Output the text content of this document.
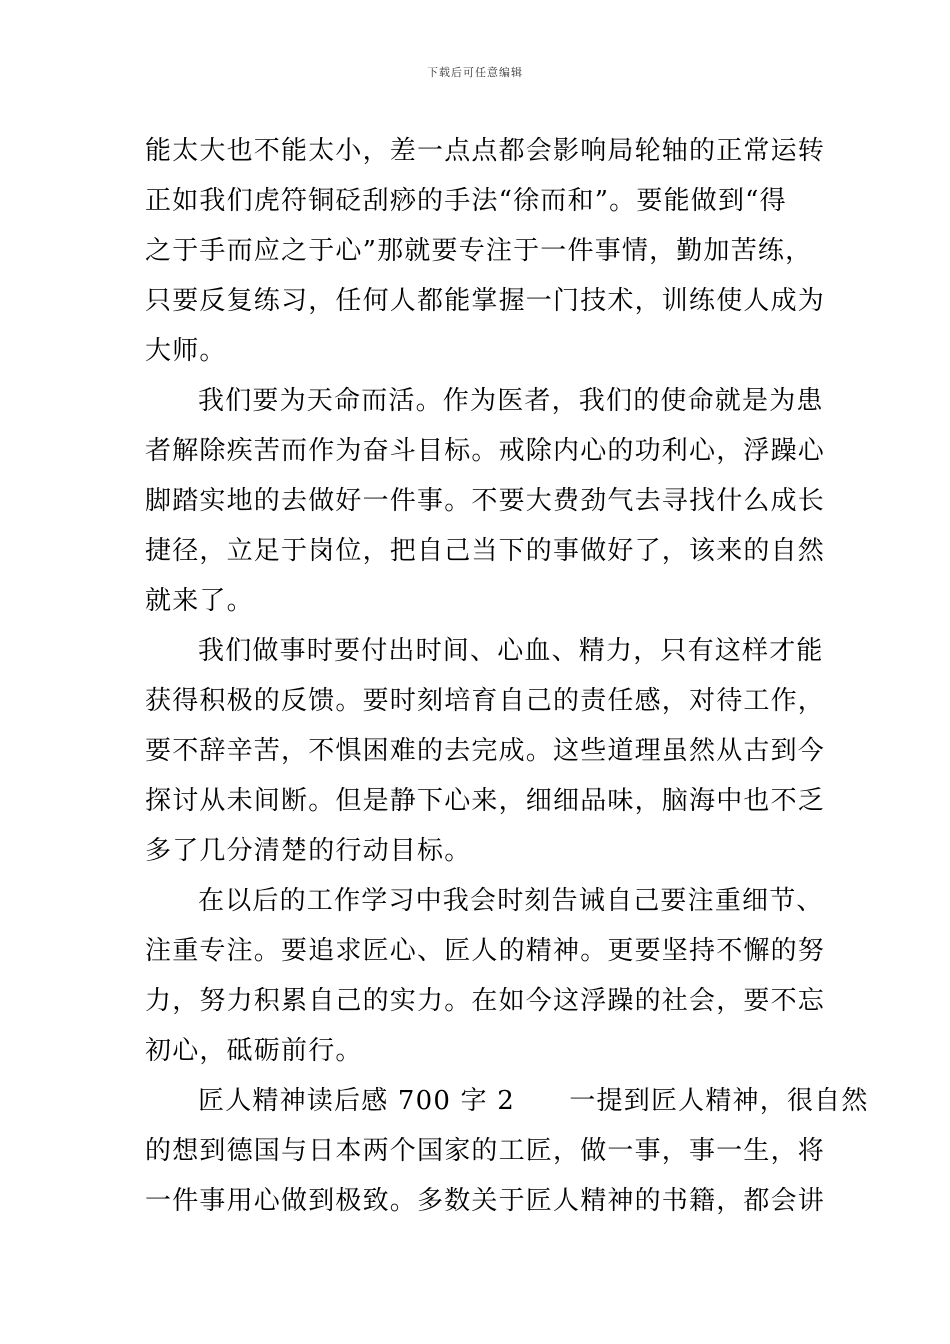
下载后可任意编辑
能太大也不能太小，差一点点都会影响局轮轴的正常运转
正如我们虎符铜砭刮痧的手法“徐而和”。要能做到“得
之于手而应之于心”那就要专注于一件事情，勤加苦练，
只要反复练习，任何人都能掌握一门技术，训练使人成为
大师。
我们要为天命而活。作为医者，我们的使命就是为患
者解除疾苦而作为奋斗目标。戒除内心的功利心，浮躁心
脚踏实地的去做好一件事。不要大费劲气去寻找什么成长
捷径，立足于岗位，把自己当下的事做好了，该来的自然
就来了。
我们做事时要付出时间、心血、精力，只有这样才能
获得积极的反馈。要时刻培育自己的责任感，对待工作，
要不辞辛苦，不惧困难的去完成。这些道理虽然从古到今
探讨从未间断。但是静下心来，细细品味，脑海中也不乏
多了几分清楚的行动目标。
在以后的工作学习中我会时刻告诫自己要注重细节、
注重专注。要追求匠心、匠人的精神。更要坚持不懈的努
力，努力积累自己的实力。在如今这浮躁的社会，要不忘
初心，砥砺前行。
匠人精神读后感 700 字 2　　一提到匠人精神，很自然
的想到德国与日本两个国家的工匠，做一事，事一生，将
一件事用心做到极致。多数关于匠人精神的书籍，都会讲
